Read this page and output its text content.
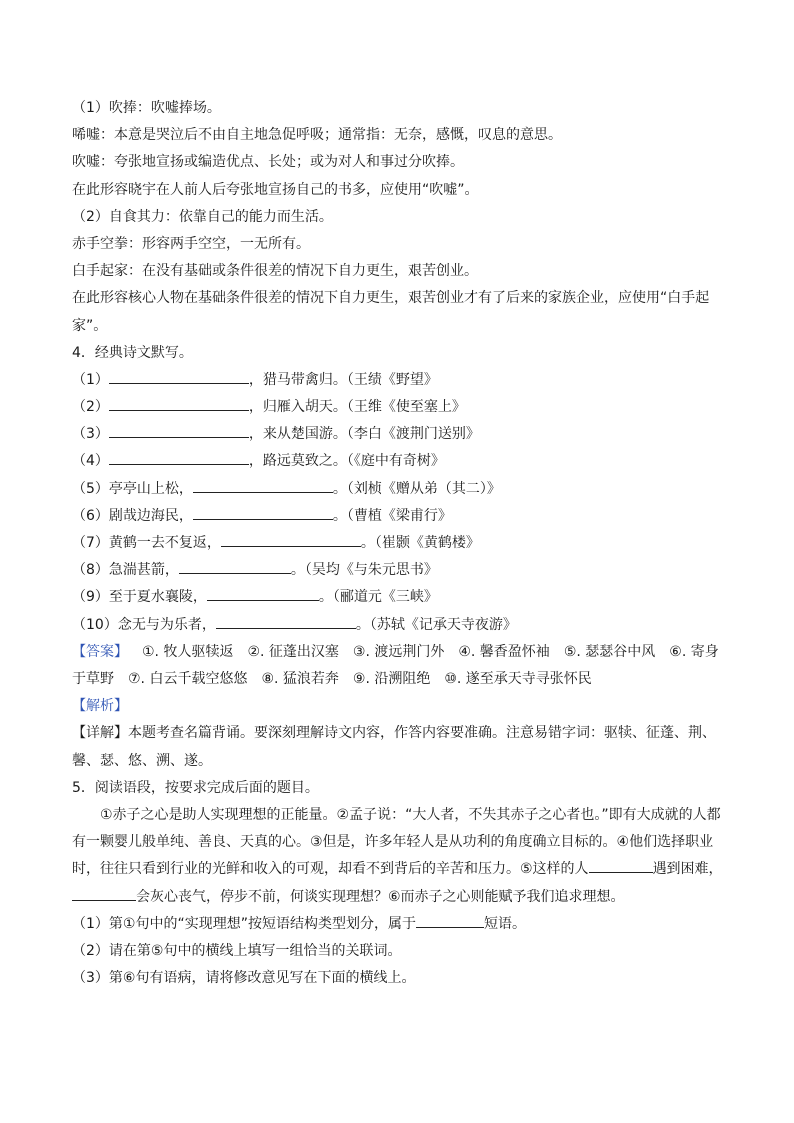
（1）吹捧：吹嘘捧场。
唏嘘：本意是哭泣后不由自主地急促呼吸；通常指：无奈，感慨，叹息的意思。
吹嘘：夸张地宣扬或编造优点、长处；或为对人和事过分吹捧。
在此形容晓宇在人前人后夸张地宣扬自己的书多，应使用“吹嘘”。
（2）自食其力：依靠自己的能力而生活。
赤手空拳：形容两手空空，一无所有。
白手起家：在没有基础或条件很差的情况下自力更生，艰苦创业。
在此形容核心人物在基础条件很差的情况下自力更生，艰苦创业才有了后来的家族企业，应使用“白手起家”。
4．经典诗文默写。
（1）	，猎马带禽归。（王绩《野望》
（2）	，归雁入胡天。（王维《使至塞上》
（3）	，来从楚国游。（李白《渡荆门送别》
（4）	，路远莫致之。（《庭中有奇树》
（5）亭亭山上松，	。（刘桢《赠从弟（其二）》
（6）剧哉边海民，	。（曹植《梁甫行》
（7）黄鹤一去不复返，	。（崔颢《黄鹤楼》
（8）急湍甚箭，	。（吴均《与朱元思书》
（9）至于夏水襄陵，	。（郦道元《三峡》
（10）念无与为乐者，	。（苏轼《记承天寺夜游》
【答案】 ①. 牧人驱犊返 ②. 征蓬出汉塞 ③. 渡远荆门外 ④. 馨香盈怀袖 ⑤. 瑟瑟谷中风 ⑥. 寄身于草野 ⑦. 白云千载空悠悠 ⑧. 猛浪若奔 ⑨. 沿溯阻绝 ⑩. 遂至承天寺寻张怀民
【解析】
【详解】本题考查名篇背诵。要深刻理解诗文内容，作答内容要准确。注意易错字词：驱犊、征蓬、荆、馨、瑟、悠、溯、遂。
5．阅读语段，按要求完成后面的题目。
①赤子之心是助人实现理想的正能量。②孟子说：“大人者，不失其赤子之心者也。”即有大成就的人都有一颗婴儿般单纯、善良、天真的心。③但是，许多年轻人是从功利的角度确立目标的。④他们选择职业时，往往只看到行业的光鲜和收入的可观，却看不到背后的辛苦和压力。⑤这样的人	遇到困难，会灰心丧气，停步不前，何谈实现理想？⑥而赤子之心则能赋予我们追求理想。
（1）第①句中的“实现理想”按短语结构类型划分，属于	短语。
（2）请在第⑤句中的横线上填写一组恰当的关联词。
（3）第⑥句有语病，请将修改意见写在下面的横线上。
